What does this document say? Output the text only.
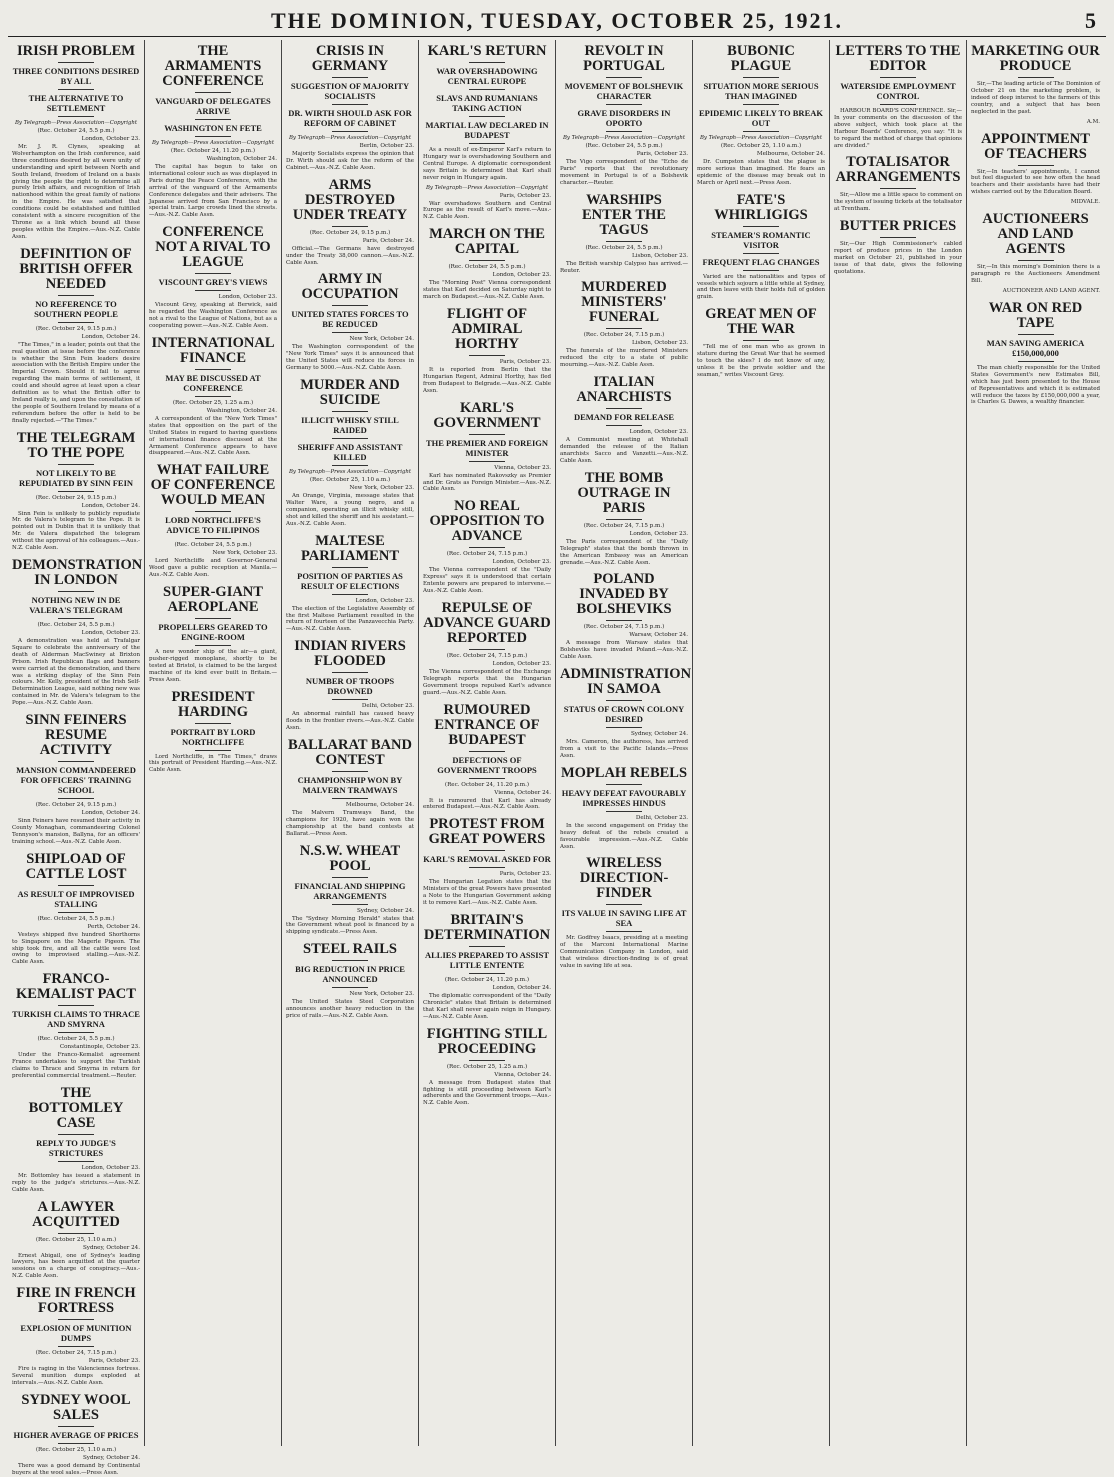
THE DOMINION, TUESDAY, OCTOBER 25, 1921.	5
IRISH PROBLEM
THREE CONDITIONS DESIRED BY ALL
THE ALTERNATIVE TO SETTLEMENT
By Telegraph—Press Association—Copyright
(Rec. October 24, 5.5 p.m.)
London, October 23.

Mr. J. R. Clynes, speaking at Wolverhampton on the Irish conference, said three conditions desired by all were unity of understanding and spirit between North and South Ireland, freedom of Ireland on a basis giving the people the right to determine all purely Irish affairs, and recognition of Irish nationhood within the great family of nations in the Empire. He was satisfied that conditions could be established and fulfilled consistent with a sincere recognition of the Throne as a link which bound all these peoples within the Empire.—Aus.-N.Z. Cable Assn.

DEFINITION OF BRITISH OFFER NEEDED
NO REFERENCE TO SOUTHERN PEOPLE
(Rec. October 24, 9.15 p.m.)
London, October 24.

"The Times," in a leader, points out that the real question at issue before the conference is whether the Sinn Fein leaders desire association with the British Empire under the Imperial Crown. Should it fail to agree regarding the main terms of settlement, it could and should agree at least upon a clear definition as to what the British offer to Ireland really is, and upon the consultation of the people of Southern Ireland by means of a referendum before the offer is held to be finally rejected.—"The Times."

THE TELEGRAM TO THE POPE
NOT LIKELY TO BE REPUDIATED BY SINN FEIN
(Rec. October 24, 9.15 p.m.)
London, October 24.

Sinn Fein is unlikely to publicly repudiate Mr. de Valera's telegram to the Pope. It is pointed out in Dublin that it is unlikely that Mr. de Valera dispatched the telegram without the approval of his colleagues.—Aus.-N.Z. Cable Assn.

DEMONSTRATION IN LONDON
NOTHING NEW IN DE VALERA'S TELEGRAM
(Rec. October 24, 5.5 p.m.)
London, October 23.

A demonstration was held at Trafalgar Square to celebrate the anniversary of the death of Alderman MacSwiney at Brixton Prison. Irish Republican flags and banners were carried at the demonstration, and there was a striking display of the Sinn Fein colours. Mr. Kelly, president of the Irish Self-Determination League, said nothing new was contained in Mr. de Valera's telegram to the Pope.—Aus.-N.Z. Cable Assn.

SINN FEINERS RESUME ACTIVITY
MANSION COMMANDEERED FOR OFFICERS' TRAINING SCHOOL
(Rec. October 24, 9.15 p.m.)
London, October 24.

Sinn Feiners have resumed their activity in County Monaghan, commandeering Colonel Tennyson's mansion, Ballyna, for an officers' training school.—Aus.-N.Z. Cable Assn.

SHIPLOAD OF CATTLE LOST
AS RESULT OF IMPROVISED STALLING
(Rec. October 24, 5.5 p.m.)
Perth, October 24.

Vesteys shipped five hundred Shorthorns to Singapore on the Magerle Pigeon. The ship took fire, and all the cattle were lost owing to improvised stalling.—Aus.-N.Z. Cable Assn.

FRANCO-KEMALIST PACT
TURKISH CLAIMS TO THRACE AND SMYRNA
(Rec. October 24, 5.5 p.m.)
Constantinople, October 23.

Under the Franco-Kemalist agreement France undertakes to support the Turkish claims to Thrace and Smyrna in return for preferential commercial treatment.—Reuter.

THE BOTTOMLEY CASE
REPLY TO JUDGE'S STRICTURES
London, October 23.

Mr. Bottomley has issued a statement in reply to the judge's strictures.—Aus.-N.Z. Cable Assn.

A LAWYER ACQUITTED
(Rec. October 25, 1.10 a.m.)
Sydney, October 24.

Ernest Abigail, one of Sydney's leading lawyers, has been acquitted at the quarter sessions on a charge of conspiracy.—Aus.-N.Z. Cable Assn.

FIRE IN FRENCH FORTRESS
EXPLOSION OF MUNITION DUMPS
(Rec. October 24, 7.15 p.m.)
Paris, October 23.

Fire is raging in the Valenciennes fortress. Several munition dumps exploded at intervals.—Aus.-N.Z. Cable Assn.

SYDNEY WOOL SALES
HIGHER AVERAGE OF PRICES
(Rec. October 25, 1.10 a.m.)
Sydney, October 24.

There was a good demand by Continental buyers at the wool sales.—Press Assn.

THE ARMAMENTS CONFERENCE
VANGUARD OF DELEGATES ARRIVE
WASHINGTON EN FETE
By Telegraph—Press Association—Copyright
(Rec. October 24, 11.20 p.m.)
Washington, October 24.

The capital has begun to take on international colour such as was displayed in Paris during the Peace Conference, with the arrival of the vanguard of the Armaments Conference delegates and their advisers. The Japanese arrived from San Francisco by a special train. Large crowds lined the streets.—Aus.-N.Z. Cable Assn.

CONFERENCE NOT A RIVAL TO LEAGUE
VISCOUNT GREY'S VIEWS
London, October 23.

Viscount Grey, speaking at Berwick, said he regarded the Washington Conference as not a rival to the League of Nations, but as a cooperating power.—Aus.-N.Z. Cable Assn.

INTERNATIONAL FINANCE
MAY BE DISCUSSED AT CONFERENCE
(Rec. October 25, 1.25 a.m.)
Washington, October 24.

A correspondent of the "New York Times" states that opposition on the part of the United States in regard to having questions of international finance discussed at the Armament Conference appears to have disappeared.—Aus.-N.Z. Cable Assn.

WHAT FAILURE OF CONFERENCE WOULD MEAN
LORD NORTHCLIFFE'S ADVICE TO FILIPINOS
(Rec. October 24, 5.5 p.m.)
New York, October 23.

Lord Northcliffe and Governor-General Wood gave a public reception at Manila.—Aus.-N.Z. Cable Assn.

SUPER-GIANT AEROPLANE
PROPELLERS GEARED TO ENGINE-ROOM

A new wonder ship of the air—a giant, pusher-rigged monoplane, shortly to be tested at Bristol, is claimed to be the largest machine of its kind ever built in Britain.—Press Assn.

PRESIDENT HARDING
PORTRAIT BY LORD NORTHCLIFFE

Lord Northcliffe, in "The Times," draws this portrait of President Harding.—Aus.-N.Z. Cable Assn.

CRISIS IN GERMANY
SUGGESTION OF MAJORITY SOCIALISTS
DR. WIRTH SHOULD ASK FOR REFORM OF CABINET
By Telegraph—Press Association—Copyright
Berlin, October 23.

Majority Socialists express the opinion that Dr. Wirth should ask for the reform of the Cabinet.—Aus.-N.Z. Cable Assn.

ARMS DESTROYED UNDER TREATY
(Rec. October 24, 9.15 p.m.)
Paris, October 24.

Official.—The Germans have destroyed under the Treaty 38,000 cannon.—Aus.-N.Z. Cable Assn.

ARMY IN OCCUPATION
UNITED STATES FORCES TO BE REDUCED
New York, October 24.

The Washington correspondent of the "New York Times" says it is announced that the United States will reduce its forces in Germany to 5000.—Aus.-N.Z. Cable Assn.

MURDER AND SUICIDE
ILLICIT WHISKY STILL RAIDED
SHERIFF AND ASSISTANT KILLED
By Telegraph—Press Association—Copyright
(Rec. October 25, 1.10 a.m.)
New York, October 23.

An Orange, Virginia, message states that Walter Ware, a young negro, and a companion, operating an illicit whisky still, shot and killed the sheriff and his assistant.—Aus.-N.Z. Cable Assn.

MALTESE PARLIAMENT
POSITION OF PARTIES AS RESULT OF ELECTIONS
London, October 23.

The election of the Legislative Assembly of the first Maltese Parliament resulted in the return of fourteen of the Panzavecchia Party.—Aus.-N.Z. Cable Assn.

INDIAN RIVERS FLOODED
NUMBER OF TROOPS DROWNED
Delhi, October 23.

An abnormal rainfall has caused heavy floods in the frontier rivers.—Aus.-N.Z. Cable Assn.

BALLARAT BAND CONTEST
CHAMPIONSHIP WON BY MALVERN TRAMWAYS
Melbourne, October 24.

The Malvern Tramways Band, the champions for 1920, have again won the championship at the band contests at Ballarat.—Press Assn.

N.S.W. WHEAT POOL
FINANCIAL AND SHIPPING ARRANGEMENTS
Sydney, October 24.

The "Sydney Morning Herald" states that the Government wheat pool is financed by a shipping syndicate.—Press Assn.

STEEL RAILS
BIG REDUCTION IN PRICE ANNOUNCED
New York, October 23.

The United States Steel Corporation announces another heavy reduction in the price of rails.—Aus.-N.Z. Cable Assn.

KARL'S RETURN
WAR OVERSHADOWING CENTRAL EUROPE
SLAVS AND RUMANIANS TAKING ACTION
MARTIAL LAW DECLARED IN BUDAPEST

As a result of ex-Emperor Karl's return to Hungary war is overshadowing Southern and Central Europe. A diplomatic correspondent says Britain is determined that Karl shall never reign in Hungary again.

By Telegraph—Press Association—Copyright
Paris, October 23.

War overshadows Southern and Central Europe as the result of Karl's move.—Aus.-N.Z. Cable Assn.

MARCH ON THE CAPITAL
(Rec. October 24, 5.5 p.m.)
London, October 23.

The "Morning Post" Vienna correspondent states that Karl decided on Saturday night to march on Budapest.—Aus.-N.Z. Cable Assn.

FLIGHT OF ADMIRAL HORTHY
Paris, October 23.

It is reported from Berlin that the Hungarian Regent, Admiral Horthy, has fled from Budapest to Belgrade.—Aus.-N.Z. Cable Assn.

KARL'S GOVERNMENT
THE PREMIER AND FOREIGN MINISTER
Vienna, October 23.

Karl has nominated Rakovszky as Premier and Dr. Grats as Foreign Minister.—Aus.-N.Z. Cable Assn.

NO REAL OPPOSITION TO ADVANCE
(Rec. October 24, 7.15 p.m.)
London, October 23.

The Vienna correspondent of the "Daily Express" says it is understood that certain Entente powers are prepared to intervene.—Aus.-N.Z. Cable Assn.

REPULSE OF ADVANCE GUARD REPORTED
(Rec. October 24, 7.15 p.m.)
London, October 23.

The Vienna correspondent of the Exchange Telegraph reports that the Hungarian Government troops repulsed Karl's advance guard.—Aus.-N.Z. Cable Assn.

RUMOURED ENTRANCE OF BUDAPEST
DEFECTIONS OF GOVERNMENT TROOPS
(Rec. October 24, 11.20 p.m.)
Vienna, October 24.

It is rumoured that Karl has already entered Budapest.—Aus.-N.Z. Cable Assn.

PROTEST FROM GREAT POWERS
KARL'S REMOVAL ASKED FOR
Paris, October 23.

The Hungarian Legation states that the Ministers of the great Powers have presented a Note to the Hungarian Government asking it to remove Karl.—Aus.-N.Z. Cable Assn.

BRITAIN'S DETERMINATION
ALLIES PREPARED TO ASSIST LITTLE ENTENTE
(Rec. October 24, 11.20 p.m.)
London, October 24.

The diplomatic correspondent of the "Daily Chronicle" states that Britain is determined that Karl shall never again reign in Hungary.—Aus.-N.Z. Cable Assn.

FIGHTING STILL PROCEEDING
(Rec. October 25, 1.25 a.m.)
Vienna, October 24.

A message from Budapest states that fighting is still proceeding between Karl's adherents and the Government troops.—Aus.-N.Z. Cable Assn.

REVOLT IN PORTUGAL
MOVEMENT OF BOLSHEVIK CHARACTER
GRAVE DISORDERS IN OPORTO
By Telegraph—Press Association—Copyright
(Rec. October 24, 5.5 p.m.)
Paris, October 23.

The Vigo correspondent of the "Echo de Paris" reports that the revolutionary movement in Portugal is of a Bolshevik character.—Reuter.

WARSHIPS ENTER THE TAGUS
(Rec. October 24, 5.5 p.m.)
Lisbon, October 23.

The British warship Calypso has arrived.—Reuter.

MURDERED MINISTERS' FUNERAL
(Rec. October 24, 7.15 p.m.)
Lisbon, October 23.

The funerals of the murdered Ministers reduced the city to a state of public mourning.—Aus.-N.Z. Cable Assn.

ITALIAN ANARCHISTS
DEMAND FOR RELEASE
London, October 23.

A Communist meeting at Whitehall demanded the release of the Italian anarchists Sacco and Vanzetti.—Aus.-N.Z. Cable Assn.

THE BOMB OUTRAGE IN PARIS
(Rec. October 24, 7.15 p.m.)
London, October 23.

The Paris correspondent of the "Daily Telegraph" states that the bomb thrown in the American Embassy was an American grenade.—Aus.-N.Z. Cable Assn.

POLAND INVADED BY BOLSHEVIKS
(Rec. October 24, 7.15 p.m.)
Warsaw, October 24.

A message from Warsaw states that Bolsheviks have invaded Poland.—Aus.-N.Z. Cable Assn.

ADMINISTRATION IN SAMOA
STATUS OF CROWN COLONY DESIRED
Sydney, October 24.

Mrs. Cameron, the authoress, has arrived from a visit to the Pacific Islands.—Press Assn.

MOPLAH REBELS
HEAVY DEFEAT FAVOURABLY IMPRESSES HINDUS
Delhi, October 23.

In the second engagement on Friday the heavy defeat of the rebels created a favourable impression.—Aus.-N.Z. Cable Assn.

WIRELESS DIRECTION-FINDER
ITS VALUE IN SAVING LIFE AT SEA

Mr. Godfrey Isaacs, presiding at a meeting of the Marconi International Marine Communication Company in London, said that wireless direction-finding is of great value in saving life at sea.

BUBONIC PLAGUE
SITUATION MORE SERIOUS THAN IMAGINED
EPIDEMIC LIKELY TO BREAK OUT
By Telegraph—Press Association—Copyright
(Rec. October 25, 1.10 a.m.)
Melbourne, October 24.

Dr. Cumpston states that the plague is more serious than imagined. He fears an epidemic of the disease may break out in March or April next.—Press Assn.

FATE'S WHIRLIGIGS
STEAMER'S ROMANTIC VISITOR
FREQUENT FLAG CHANGES

Varied are the nationalities and types of vessels which sojourn a little while at Sydney, and then leave with their holds full of golden grain.

GREAT MEN OF THE WAR

"Tell me of one man who as grown in stature during the Great War that he seemed to touch the skies? I do not know of any, unless it be the private soldier and the seaman," writes Viscount Grey.

LETTERS TO THE EDITOR
WATERSIDE EMPLOYMENT CONTROL

HARBOUR BOARD'S CONFERENCE. Sir,—In your comments on the discussion of the above subject, which took place at the Harbour Boards' Conference, you say: "It is to regard the method of charge that opinions are divided."

TOTALISATOR ARRANGEMENTS

Sir,—Allow me a little space to comment on the system of issuing tickets at the totalisator at Trentham.

BUTTER PRICES

Sir,—Our High Commissioner's cabled report of produce prices in the London market on October 21, published in your issue of that date, gives the following quotations.

MARKETING OUR PRODUCE

Sir,—The leading article of The Dominion of October 21 on the marketing problem, is indeed of deep interest to the farmers of this country, and a subject that has been neglected in the past.

A.M.
APPOINTMENT OF TEACHERS

Sir,—In teachers' appointments, I cannot but feel disgusted to see how often the head teachers and their assistants have had their wishes carried out by the Education Board.

MIDVALE.
AUCTIONEERS AND LAND AGENTS

Sir,—In this morning's Dominion there is a paragraph re the Auctioneers Amendment Bill.

AUCTIONEER AND LAND AGENT.
WAR ON RED TAPE
MAN SAVING AMERICA £150,000,000

The man chiefly responsible for the United States Government's new Estimates Bill, which has just been presented to the House of Representatives and which it is estimated will reduce the taxes by £150,000,000 a year, is Charles G. Dawes, a wealthy financier.
